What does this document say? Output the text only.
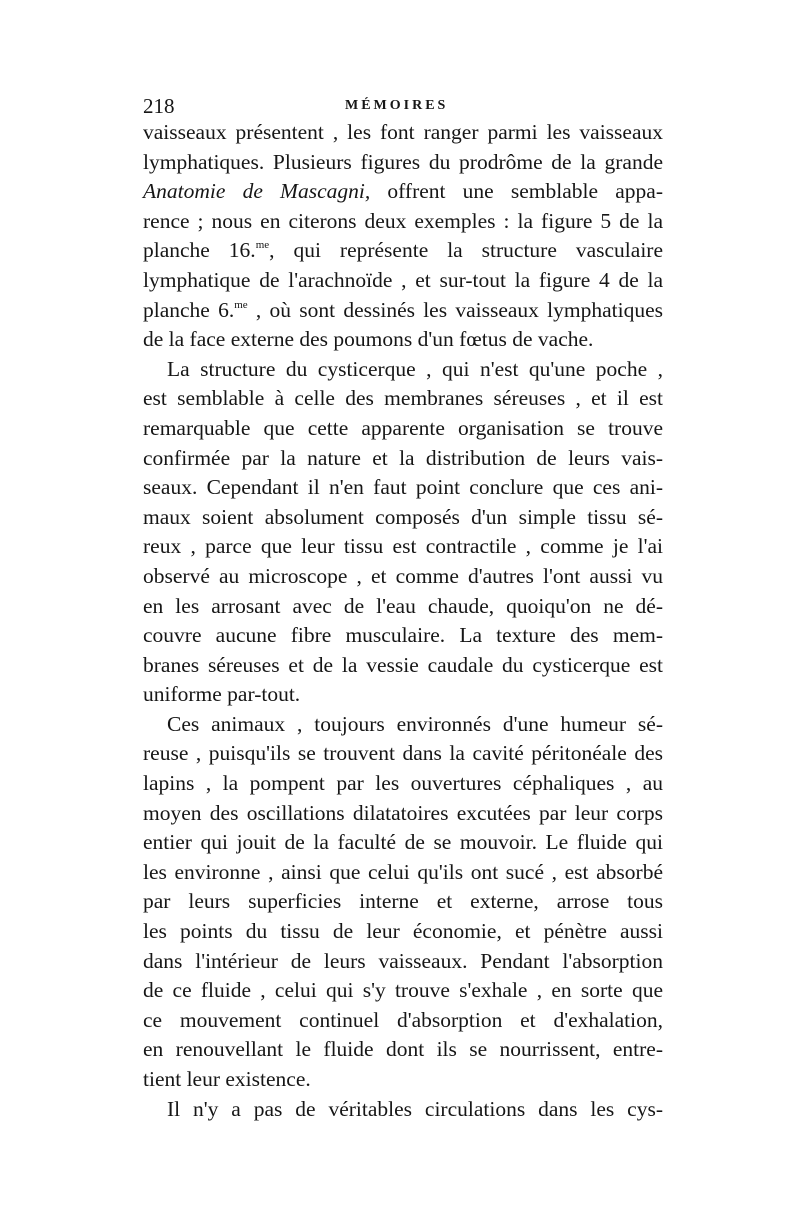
218	MÉMOIRES
vaisseaux présentent , les font ranger parmi les vaisseaux
lymphatiques. Plusieurs figures du prodrôme de la grande
Anatomie de Mascagni, offrent une semblable appa-
rence ; nous en citerons deux exemples : la figure 5 de la
planche 16.$^{me}$, qui représente la structure vasculaire
lymphatique de l'arachnoïde , et sur-tout la figure 4 de la
planche 6.$^{me}$ , où sont dessinés les vaisseaux lymphatiques
de la face externe des poumons d'un fœtus de vache.
La structure du cysticerque , qui n'est qu'une poche ,
est semblable à celle des membranes séreuses , et il est
remarquable que cette apparente organisation se trouve
confirmée par la nature et la distribution de leurs vais-
seaux. Cependant il n'en faut point conclure que ces ani-
maux soient absolument composés d'un simple tissu sé-
reux , parce que leur tissu est contractile , comme je l'ai
observé au microscope , et comme d'autres l'ont aussi vu
en les arrosant avec de l'eau chaude, quoiqu'on ne dé-
couvre aucune fibre musculaire. La texture des mem-
branes séreuses et de la vessie caudale du cysticerque est
uniforme par-tout.
Ces animaux , toujours environnés d'une humeur sé-
reuse , puisqu'ils se trouvent dans la cavité péritonéale des
lapins , la pompent par les ouvertures céphaliques , au
moyen des oscillations dilatatoires excutées par leur corps
entier qui jouit de la faculté de se mouvoir. Le fluide qui
les environne , ainsi que celui qu'ils ont sucé , est absorbé
par leurs superficies interne et externe, arrose tous
les points du tissu de leur économie, et pénètre aussi
dans l'intérieur de leurs vaisseaux. Pendant l'absorption
de ce fluide , celui qui s'y trouve s'exhale , en sorte que
ce mouvement continuel d'absorption et d'exhalation,
en renouvellant le fluide dont ils se nourrissent, entre-
tient leur existence.
Il n'y a pas de véritables circulations dans les cys-
